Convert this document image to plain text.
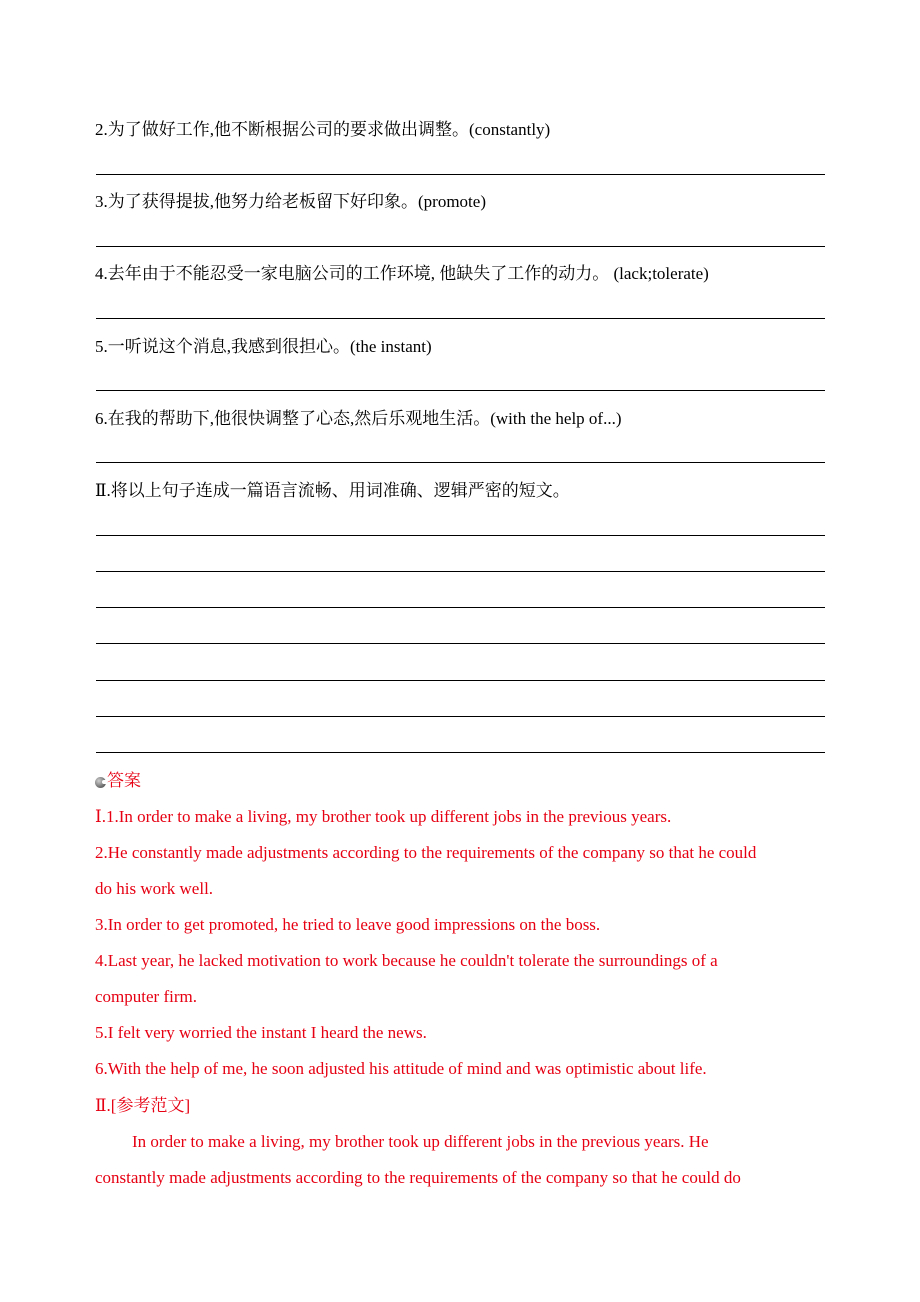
2.为了做好工作,他不断根据公司的要求做出调整。(constantly)
3.为了获得提拔,他努力给老板留下好印象。(promote)
4.去年由于不能忍受一家电脑公司的工作环境, 他缺失了工作的动力。 (lack;tolerate)
5.一听说这个消息,我感到很担心。(the instant)
6.在我的帮助下,他很快调整了心态,然后乐观地生活。(with the help of...)
Ⅱ.将以上句子连成一篇语言流畅、用词准确、逻辑严密的短文。
答案
Ⅰ.1.In order to make a living, my brother took up different jobs in the previous years.
2.He constantly made adjustments according to the requirements of the company so that he could
do his work well.
3.In order to get promoted, he tried to leave good impressions on the boss.
4.Last year, he lacked motivation to work because he couldn't tolerate the surroundings of a
computer firm.
5.I felt very worried the instant I heard the news.
6.With the help of me, he soon adjusted his attitude of mind and was optimistic about life.
Ⅱ.[参考范文]
In order to make a living, my brother took up different jobs in the previous years. He
constantly made adjustments according to the requirements of the company so that he could do
